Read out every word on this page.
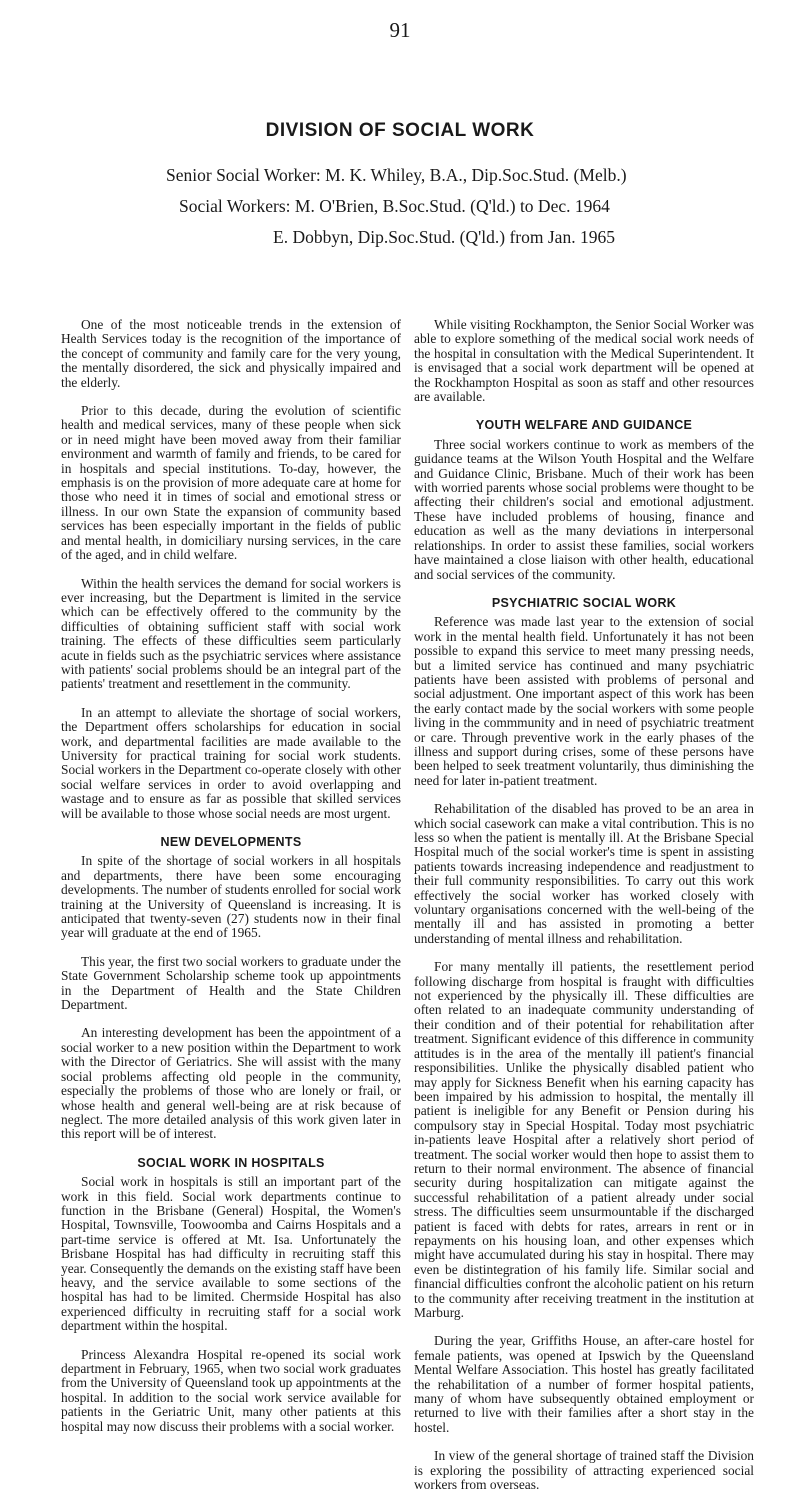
91
DIVISION OF SOCIAL WORK
Senior Social Worker: M. K. Whiley, B.A., Dip.Soc.Stud. (Melb.)
Social Workers: M. O'Brien, B.Soc.Stud. (Q'ld.) to Dec. 1964
E. Dobbyn, Dip.Soc.Stud. (Q'ld.) from Jan. 1965

One of the most noticeable trends in the extension of Health Services today is the recognition of the importance of the concept of community and family care for the very young, the mentally disordered, the sick and physically impaired and the elderly.

Prior to this decade, during the evolution of scientific health and medical services, many of these people when sick or in need might have been moved away from their familiar environment and warmth of family and friends, to be cared for in hospitals and special institutions. To-day, however, the emphasis is on the provision of more adequate care at home for those who need it in times of social and emotional stress or illness. In our own State the expansion of community based services has been especially important in the fields of public and mental health, in domiciliary nursing services, in the care of the aged, and in child welfare.

Within the health services the demand for social workers is ever increasing, but the Department is limited in the service which can be effectively offered to the community by the difficulties of obtaining sufficient staff with social work training. The effects of these difficulties seem particularly acute in fields such as the psychiatric services where assistance with patients' social problems should be an integral part of the patients' treatment and resettlement in the community.

In an attempt to alleviate the shortage of social workers, the Department offers scholarships for education in social work, and departmental facilities are made available to the University for practical training for social work students. Social workers in the Department co-operate closely with other social welfare services in order to avoid overlapping and wastage and to ensure as far as possible that skilled services will be available to those whose social needs are most urgent.

NEW DEVELOPMENTS

In spite of the shortage of social workers in all hospitals and departments, there have been some encouraging developments. The number of students enrolled for social work training at the University of Queensland is increasing. It is anticipated that twenty-seven (27) students now in their final year will graduate at the end of 1965.

This year, the first two social workers to graduate under the State Government Scholarship scheme took up appointments in the Department of Health and the State Children Department.

An interesting development has been the appointment of a social worker to a new position within the Department to work with the Director of Geriatrics. She will assist with the many social problems affecting old people in the community, especially the problems of those who are lonely or frail, or whose health and general well-being are at risk because of neglect. The more detailed analysis of this work given later in this report will be of interest.

SOCIAL WORK IN HOSPITALS

Social work in hospitals is still an important part of the work in this field. Social work departments continue to function in the Brisbane (General) Hospital, the Women's Hospital, Townsville, Toowoomba and Cairns Hospitals and a part-time service is offered at Mt. Isa. Unfortunately the Brisbane Hospital has had difficulty in recruiting staff this year. Consequently the demands on the existing staff have been heavy, and the service available to some sections of the hospital has had to be limited. Chermside Hospital has also experienced difficulty in recruiting staff for a social work department within the hospital.

Princess Alexandra Hospital re-opened its social work department in February, 1965, when two social work graduates from the University of Queensland took up appointments at the hospital. In addition to the social work service available for patients in the Geriatric Unit, many other patients at this hospital may now discuss their problems with a social worker.

While visiting Rockhampton, the Senior Social Worker was able to explore something of the medical social work needs of the hospital in consultation with the Medical Superintendent. It is envisaged that a social work department will be opened at the Rockhampton Hospital as soon as staff and other resources are available.

YOUTH WELFARE AND GUIDANCE

Three social workers continue to work as members of the guidance teams at the Wilson Youth Hospital and the Welfare and Guidance Clinic, Brisbane. Much of their work has been with worried parents whose social problems were thought to be affecting their children's social and emotional adjustment. These have included problems of housing, finance and education as well as the many deviations in interpersonal relationships. In order to assist these families, social workers have maintained a close liaison with other health, educational and social services of the community.

PSYCHIATRIC SOCIAL WORK

Reference was made last year to the extension of social work in the mental health field. Unfortunately it has not been possible to expand this service to meet many pressing needs, but a limited service has continued and many psychiatric patients have been assisted with problems of personal and social adjustment. One important aspect of this work has been the early contact made by the social workers with some people living in the commmunity and in need of psychiatric treatment or care. Through preventive work in the early phases of the illness and support during crises, some of these persons have been helped to seek treatment voluntarily, thus diminishing the need for later in-patient treatment.

Rehabilitation of the disabled has proved to be an area in which social casework can make a vital contribution. This is no less so when the patient is mentally ill. At the Brisbane Special Hospital much of the social worker's time is spent in assisting patients towards increasing independence and readjustment to their full community responsibilities. To carry out this work effectively the social worker has worked closely with voluntary organisations concerned with the well-being of the mentally ill and has assisted in promoting a better understanding of mental illness and rehabilitation.

For many mentally ill patients, the resettlement period following discharge from hospital is fraught with difficulties not experienced by the physically ill. These difficulties are often related to an inadequate community understanding of their condition and of their potential for rehabilitation after treatment. Significant evidence of this difference in community attitudes is in the area of the mentally ill patient's financial responsibilities. Unlike the physically disabled patient who may apply for Sickness Benefit when his earning capacity has been impaired by his admission to hospital, the mentally ill patient is ineligible for any Benefit or Pension during his compulsory stay in Special Hospital. Today most psychiatric in-patients leave Hospital after a relatively short period of treatment. The social worker would then hope to assist them to return to their normal environment. The absence of financial security during hospitalization can mitigate against the successful rehabilitation of a patient already under social stress. The difficulties seem unsurmountable if the discharged patient is faced with debts for rates, arrears in rent or in repayments on his housing loan, and other expenses which might have accumulated during his stay in hospital. There may even be distintegration of his family life. Similar social and financial difficulties confront the alcoholic patient on his return to the community after receiving treatment in the institution at Marburg.

During the year, Griffiths House, an after-care hostel for female patients, was opened at Ipswich by the Queensland Mental Welfare Association. This hostel has greatly facilitated the rehabilitation of a number of former hospital patients, many of whom have subsequently obtained employment or returned to live with their families after a short stay in the hostel.

In view of the general shortage of trained staff the Division is exploring the possibility of attracting experienced social workers from overseas.
